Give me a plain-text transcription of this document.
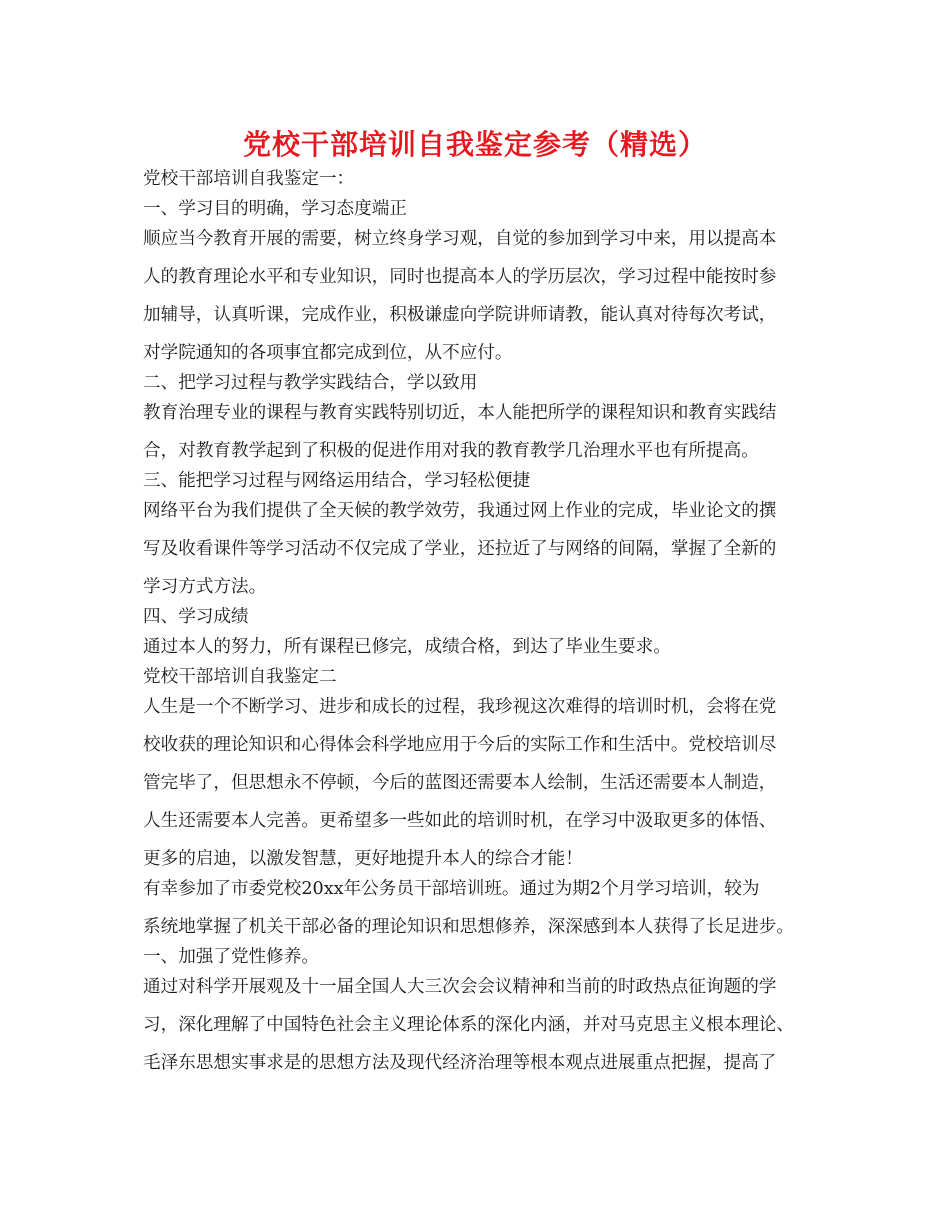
党校干部培训自我鉴定参考（精选）
党校干部培训自我鉴定一：
一、学习目的明确，学习态度端正
顺应当今教育开展的需要，树立终身学习观，自觉的参加到学习中来，用以提高本
人的教育理论水平和专业知识，同时也提高本人的学历层次，学习过程中能按时参
加辅导，认真听课，完成作业，积极谦虚向学院讲师请教，能认真对待每次考试，
对学院通知的各项事宜都完成到位，从不应付。
二、把学习过程与教学实践结合，学以致用
教育治理专业的课程与教育实践特别切近，本人能把所学的课程知识和教育实践结
合，对教育教学起到了积极的促进作用对我的教育教学几治理水平也有所提高。
三、能把学习过程与网络运用结合，学习轻松便捷
网络平台为我们提供了全天候的教学效劳，我通过网上作业的完成，毕业论文的撰
写及收看课件等学习活动不仅完成了学业，还拉近了与网络的间隔，掌握了全新的
学习方式方法。
四、学习成绩
通过本人的努力，所有课程已修完，成绩合格，到达了毕业生要求。
党校干部培训自我鉴定二
人生是一个不断学习、进步和成长的过程，我珍视这次难得的培训时机，会将在党
校收获的理论知识和心得体会科学地应用于今后的实际工作和生活中。党校培训尽
管完毕了，但思想永不停顿，今后的蓝图还需要本人绘制，生活还需要本人制造，
人生还需要本人完善。更希望多一些如此的培训时机，在学习中汲取更多的体悟、
更多的启迪，以激发智慧，更好地提升本人的综合才能！
有幸参加了市委党校20xx年公务员干部培训班。通过为期2个月学习培训，较为
系统地掌握了机关干部必备的理论知识和思想修养，深深感到本人获得了长足进步。
一、加强了党性修养。
通过对科学开展观及十一届全国人大三次会会议精神和当前的时政热点征询题的学
习，深化理解了中国特色社会主义理论体系的深化内涵，并对马克思主义根本理论、
毛泽东思想实事求是的思想方法及现代经济治理等根本观点进展重点把握，提高了
